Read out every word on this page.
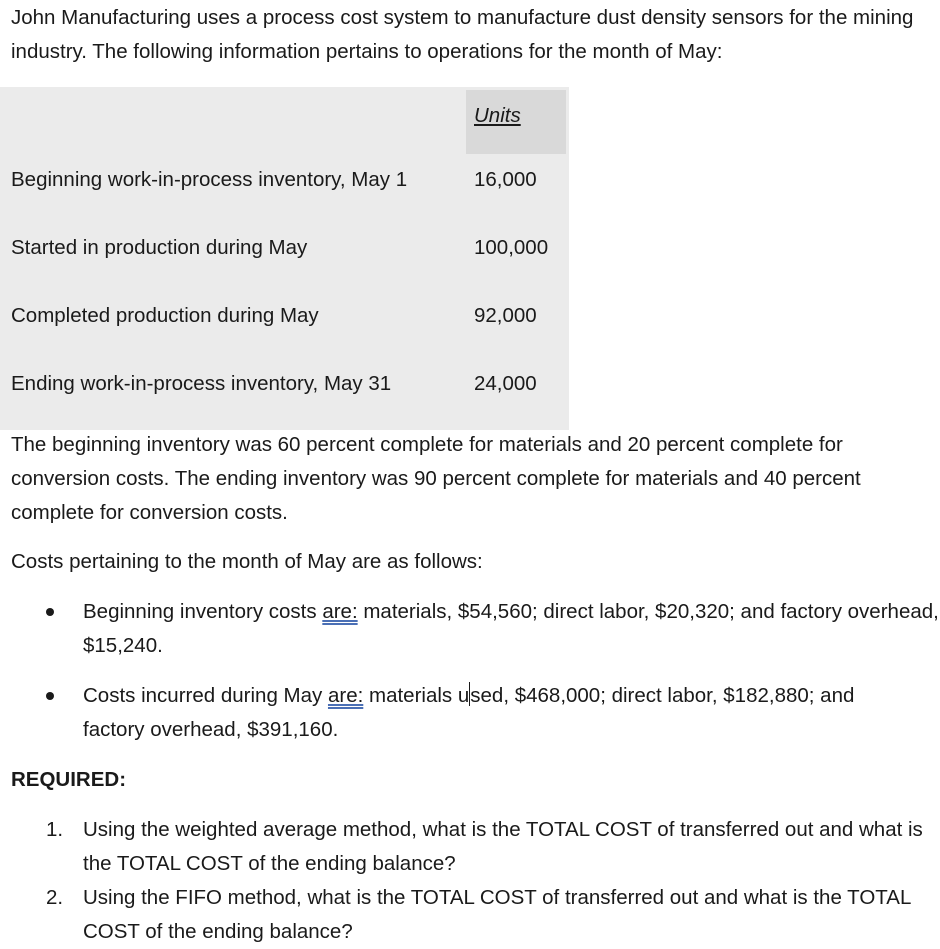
John Manufacturing uses a process cost system to manufacture dust density sensors for the mining industry. The following information pertains to operations for the month of May:

Units
Beginning work-in-process inventory, May 1	16,000
Started in production during May	100,000
Completed production during May	92,000
Ending work-in-process inventory, May 31	24,000

The beginning inventory was 60 percent complete for materials and 20 percent complete for conversion costs. The ending inventory was 90 percent complete for materials and 40 percent complete for conversion costs.

Costs pertaining to the month of May are as follows:

Beginning inventory costs are: materials, $54,560; direct labor, $20,320; and factory overhead, $15,240.

Costs incurred during May are: materials used, $468,000; direct labor, $182,880; and factory overhead, $391,160.

REQUIRED:
1. Using the weighted average method, what is the TOTAL COST of transferred out and what is the TOTAL COST of the ending balance?

2. Using the FIFO method, what is the TOTAL COST of transferred out and what is the TOTAL COST of the ending balance?
